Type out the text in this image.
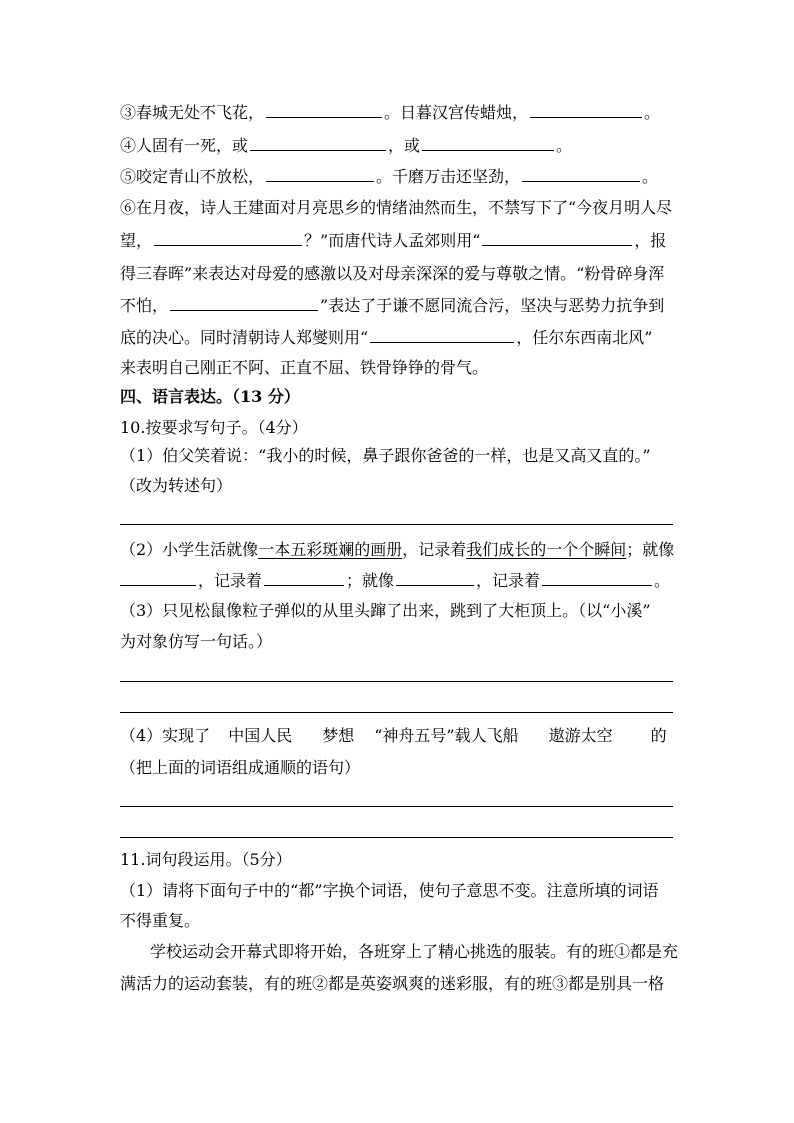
③春城无处不飞花，	。日暮汉宫传蜡烛，	。
④人固有一死，或	，或	。
⑤咬定青山不放松，	。千磨万击还坚劲，	。
⑥在月夜，诗人王建面对月亮思乡的情绪油然而生，不禁写下了“今夜月明人尽
望，	？”而唐代诗人孟郊则用“	，报
得三春晖”来表达对母爱的感激以及对母亲深深的爱与尊敬之情。“粉骨碎身浑
不怕，	”表达了于谦不愿同流合污，坚决与恶势力抗争到
底的决心。同时清朝诗人郑燮则用“	，任尔东西南北风”
来表明自己刚正不阿、正直不屈、铁骨铮铮的骨气。
四、语言表达。（13 分）
10.按要求写句子。（4分）
（1）伯父笑着说：“我小的时候，鼻子跟你爸爸的一样，也是又高又直的。”
（改为转述句）
（2）小学生活就像一本五彩斑斓的画册，记录着我们成长的一个个瞬间；就像
，记录着	；就像	，记录着	。
（3）只见松鼠像粒子弹似的从里头蹿了出来，跳到了大柜顶上。（以“小溪”
为对象仿写一句话。）
（4）实现了 中国人民 梦想 “神舟五号”载人飞船 遨游太空 的
（把上面的词语组成通顺的语句）
11.词句段运用。（5分）
（1）请将下面句子中的“都”字换个词语，使句子意思不变。注意所填的词语
不得重复。
学校运动会开幕式即将开始，各班穿上了精心挑选的服装。有的班①都是充
满活力的运动套装，有的班②都是英姿飒爽的迷彩服，有的班③都是别具一格
